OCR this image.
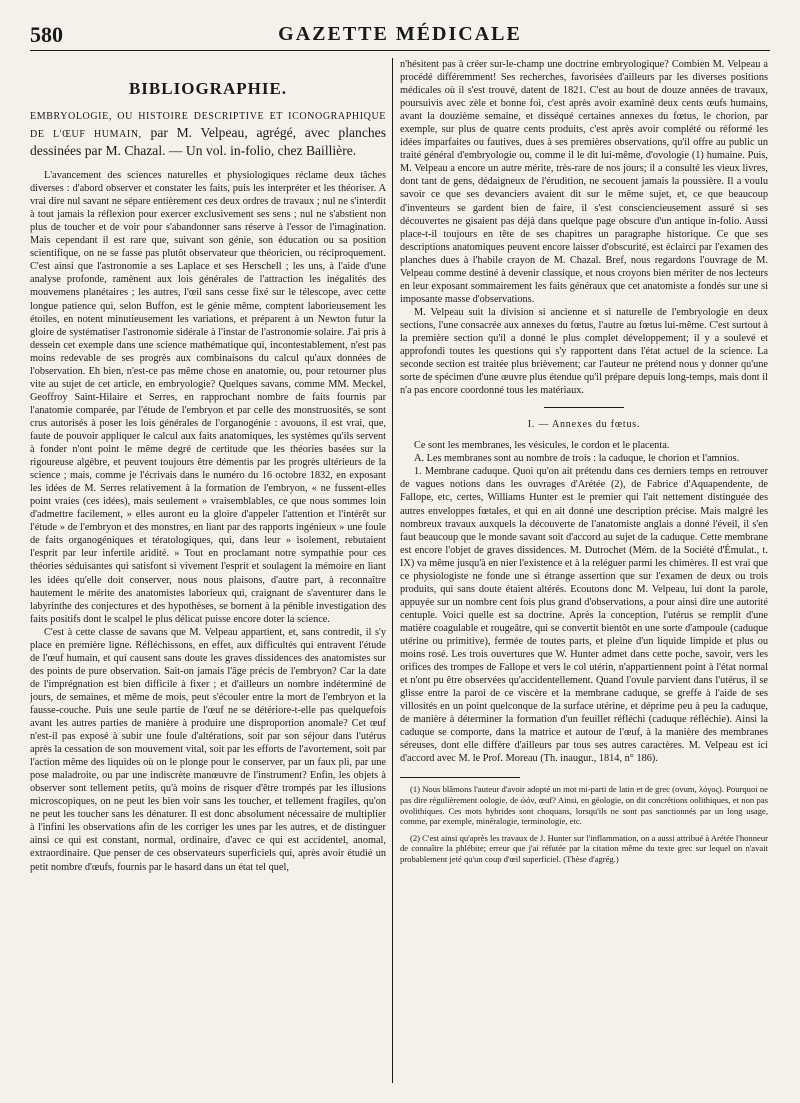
580	GAZETTE MÉDICALE
BIBLIOGRAPHIE.
EMBRYOLOGIE, OU HISTOIRE DESCRIPTIVE ET ICONOGRAPHIQUE DE L'ŒUF HUMAIN, par M. Velpeau, agrégé, avec planches dessinées par M. Chazal. — Un vol. in-folio, chez Baillière.

L'avancement des sciences naturelles et physiologiques réclame deux tâches diverses : d'abord observer et constater les faits, puis les interpréter et les théoriser. A vrai dire nul savant ne sépare entièrement ces deux ordres de travaux ; nul ne s'interdit à tout jamais la réflexion pour exercer exclusivement ses sens ; nul ne s'abstient non plus de toucher et de voir pour s'abandonner sans réserve à l'essor de l'imagination. Mais cependant il est rare que, suivant son génie, son éducation ou sa position scientifique, on ne se fasse pas plutôt observateur que théoricien, ou réciproquement. C'est ainsi que l'astronomie a ses Laplace et ses Herschell ; les uns, à l'aide d'une analyse profonde, ramènent aux lois générales de l'attraction les inégalités des mouvemens planétaires ; les autres, l'œil sans cesse fixé sur le télescope, avec cette longue patience qui, selon Buffon, est le génie même, comptent laborieusement les étoiles, en notent minutieusement les variations, et préparent à un Newton futur la gloire de systématiser l'astronomie sidérale à l'instar de l'astronomie solaire. J'ai pris à dessein cet exemple dans une science mathématique qui, incontestablement, n'est pas moins redevable de ses progrès aux combinaisons du calcul qu'aux données de l'observation. Eh bien, n'est-ce pas même chose en anatomie, ou, pour retourner plus vite au sujet de cet article, en embryologie? Quelques savans, comme MM. Meckel, Geoffroy Saint-Hilaire et Serres, en rapprochant nombre de faits fournis par l'anatomie comparée, par l'étude de l'embryon et par celle des monstruosités, se sont crus autorisés à poser les lois générales de l'organogénie : avouons, il est vrai, que, faute de pouvoir appliquer le calcul aux faits anatomiques, les systèmes qu'ils servent à fonder n'ont point le même degré de certitude que les théories basées sur la rigoureuse algèbre, et peuvent toujours être démentis par les progrès ultérieurs de la science ; mais, comme je l'écrivais dans le numéro du 16 octobre 1832, en exposant les idées de M. Serres relativement à la formation de l'embryon, « ne fussent-elles point vraies (ces idées), mais seulement » vraisemblables, ce que nous sommes loin d'admettre facilement, » elles auront eu la gloire d'appeler l'attention et l'intérêt sur l'étude » de l'embryon et des monstres, en liant par des rapports ingénieux » une foule de faits organogéniques et tératologiques, qui, dans leur » isolement, rebutaient l'esprit par leur infertile aridité. » Tout en proclamant notre sympathie pour ces théories séduisantes qui satisfont si vivement l'esprit et soulagent la mémoire en liant les idées qu'elle doit conserver, nous nous plaisons, d'autre part, à reconnaître hautement le mérite des anatomistes laborieux qui, craignant de s'aventurer dans le labyrinthe des conjectures et des hypothèses, se bornent à la pénible investigation des faits positifs dont le scalpel le plus délicat puisse encore doter la science.

C'est à cette classe de savans que M. Velpeau appartient, et, sans contredit, il s'y place en première ligne. Réfléchissons, en effet, aux difficultés qui entravent l'étude de l'œuf humain, et qui causent sans doute les graves dissidences des anatomistes sur des points de pure observation. Sait-on jamais l'âge précis de l'embryon? Car la date de l'imprégnation est bien difficile à fixer ; et d'ailleurs un nombre indéterminé de jours, de semaines, et même de mois, peut s'écouler entre la mort de l'embryon et la fausse-couche. Puis une seule partie de l'œuf ne se détériore-t-elle pas quelquefois avant les autres parties de manière à produire une disproportion anomale? Cet œuf n'est-il pas exposé à subir une foule d'altérations, soit par son séjour dans l'utérus après la cessation de son mouvement vital, soit par les efforts de l'avortement, soit par l'action même des liquides où on le plonge pour le conserver, par un faux pli, par une pose maladroite, ou par une indiscrète manœuvre de l'instrument? Enfin, les objets à observer sont tellement petits, qu'à moins de risquer d'être trompés par les illusions microscopiques, on ne peut les bien voir sans les toucher, et tellement fragiles, qu'on ne peut les toucher sans les dénaturer. Il est donc absolument nécessaire de multiplier à l'infini les observations afin de les corriger les unes par les autres, et de distinguer ainsi ce qui est constant, normal, ordinaire, d'avec ce qui est accidentel, anomal, extraordinaire. Que penser de ces observateurs superficiels qui, après avoir étudié un petit nombre d'œufs, fournis par le hasard dans un état tel quel,

n'hésitent pas à créer sur-le-champ une doctrine embryologique? Combien M. Velpeau a procédé différemment! Ses recherches, favorisées d'ailleurs par les diverses positions médicales où il s'est trouvé, datent de 1821. C'est au bout de douze années de travaux, poursuivis avec zèle et bonne foi, c'est après avoir examiné deux cents œufs humains, avant la douzième semaine, et disséqué certaines annexes du fœtus, le chorion, par exemple, sur plus de quatre cents produits, c'est après avoir complété ou réformé les idées imparfaites ou fautives, dues à ses premières observations, qu'il offre au public un traité général d'embryologie ou, comme il le dit lui-même, d'ovologie (1) humaine. Puis, M. Velpeau a encore un autre mérite, très-rare de nos jours; il a consulté les vieux livres, dont tant de gens, dédaigneux de l'érudition, ne secouent jamais la poussière. Il a voulu savoir ce que ses devanciers avaient dit sur le même sujet, et, ce que beaucoup d'inventeurs se gardent bien de faire, il s'est consciencieusement assuré si ses découvertes ne gisaient pas déjà dans quelque page obscure d'un antique in-folio. Aussi place-t-il toujours en tête de ses chapitres un paragraphe historique. Ce que ses descriptions anatomiques peuvent encore laisser d'obscurité, est éclairci par l'examen des planches dues à l'habile crayon de M. Chazal. Bref, nous regardons l'ouvrage de M. Velpeau comme destiné à devenir classique, et nous croyons bien mériter de nos lecteurs en leur exposant sommairement les faits généraux que cet anatomiste a fondés sur une si imposante masse d'observations.

M. Velpeau suit la division si ancienne et si naturelle de l'embryologie en deux sections, l'une consacrée aux annexes du fœtus, l'autre au fœtus lui-même. C'est surtout à la première section qu'il a donné le plus complet développement; il y a soulevé et approfondi toutes les questions qui s'y rapportent dans l'état actuel de la science. La seconde section est traitée plus brièvement; car l'auteur ne prétend nous y donner qu'une sorte de spécimen d'une œuvre plus étendue qu'il prépare depuis long-temps, mais dont il n'a pas encore coordonné tous les matériaux.

I. — Annexes du fœtus.

Ce sont les membranes, les vésicules, le cordon et le placenta.

A. Les membranes sont au nombre de trois : la caduque, le chorion et l'amnios.

1. Membrane caduque. Quoi qu'on ait prétendu dans ces derniers temps en retrouver de vagues notions dans les ouvrages d'Arétée (2), de Fabrice d'Aquapendente, de Fallope, etc, certes, Williams Hunter est le premier qui l'ait nettement distinguée des autres enveloppes fœtales, et qui en ait donné une description précise. Mais malgré les nombreux travaux auxquels la découverte de l'anatomiste anglais a donné l'éveil, il s'en faut beaucoup que le monde savant soit d'accord au sujet de la caduque. Cette membrane est encore l'objet de graves dissidences. M. Dutrochet (Mém. de la Société d'Émulat., t. IX) va même jusqu'à en nier l'existence et à la reléguer parmi les chimères. Il est vrai que ce physiologiste ne fonde une si étrange assertion que sur l'examen de deux ou trois produits, qui sans doute étaient altérés. Ecoutons donc M. Velpeau, lui dont la parole, appuyée sur un nombre cent fois plus grand d'observations, a pour ainsi dire une autorité centuple. Voici quelle est sa doctrine. Après la conception, l'utérus se remplit d'une matière coagulable et rougeâtre, qui se convertit bientôt en une sorte d'ampoule (caduque utérine ou primitive), fermée de toutes parts, et pleine d'un liquide limpide et plus ou moins rosé. Les trois ouvertures que W. Hunter admet dans cette poche, savoir, vers les orifices des trompes de Fallope et vers le col utérin, n'appartiennent point à l'état normal et n'ont pu être observées qu'accidentellement. Quand l'ovule parvient dans l'utérus, il se glisse entre la paroi de ce viscère et la membrane caduque, se greffe à l'aide de ses villosités en un point quelconque de la surface utérine, et déprime peu à peu la caduque, de manière à déterminer la formation d'un feuillet réfléchi (caduque réfléchie). Ainsi la caduque se comporte, dans la matrice et autour de l'œuf, à la manière des membranes séreuses, dont elle diffère d'ailleurs par tous ses autres caractères. M. Velpeau est ici d'accord avec M. le Prof. Moreau (Th. inaugur., 1814, n° 186).

(1) Nous blâmons l'auteur d'avoir adopté un mot mi-parti de latin et de grec (ovum, λόγος). Pourquoi ne pas dire régulièrement oologie, de ὠόν, œuf? Ainsi, en géologie, on dit concrétions oolithiques, et non pas ovolithiques. Ces mots hybrides sont choquans, lorsqu'ils ne sont pas sanctionnés par un long usage, comme, par exemple, minéralogie, terminologie, etc.
(2) C'est ainsi qu'après les travaux de J. Hunter sur l'inflammation, on a aussi attribué à Arétée l'honneur de connaître la phlébite; erreur que j'ai réfutée par la citation même du texte grec sur lequel on n'avait probablement jeté qu'un coup d'œil superficiel. (Thèse d'agrég.)
